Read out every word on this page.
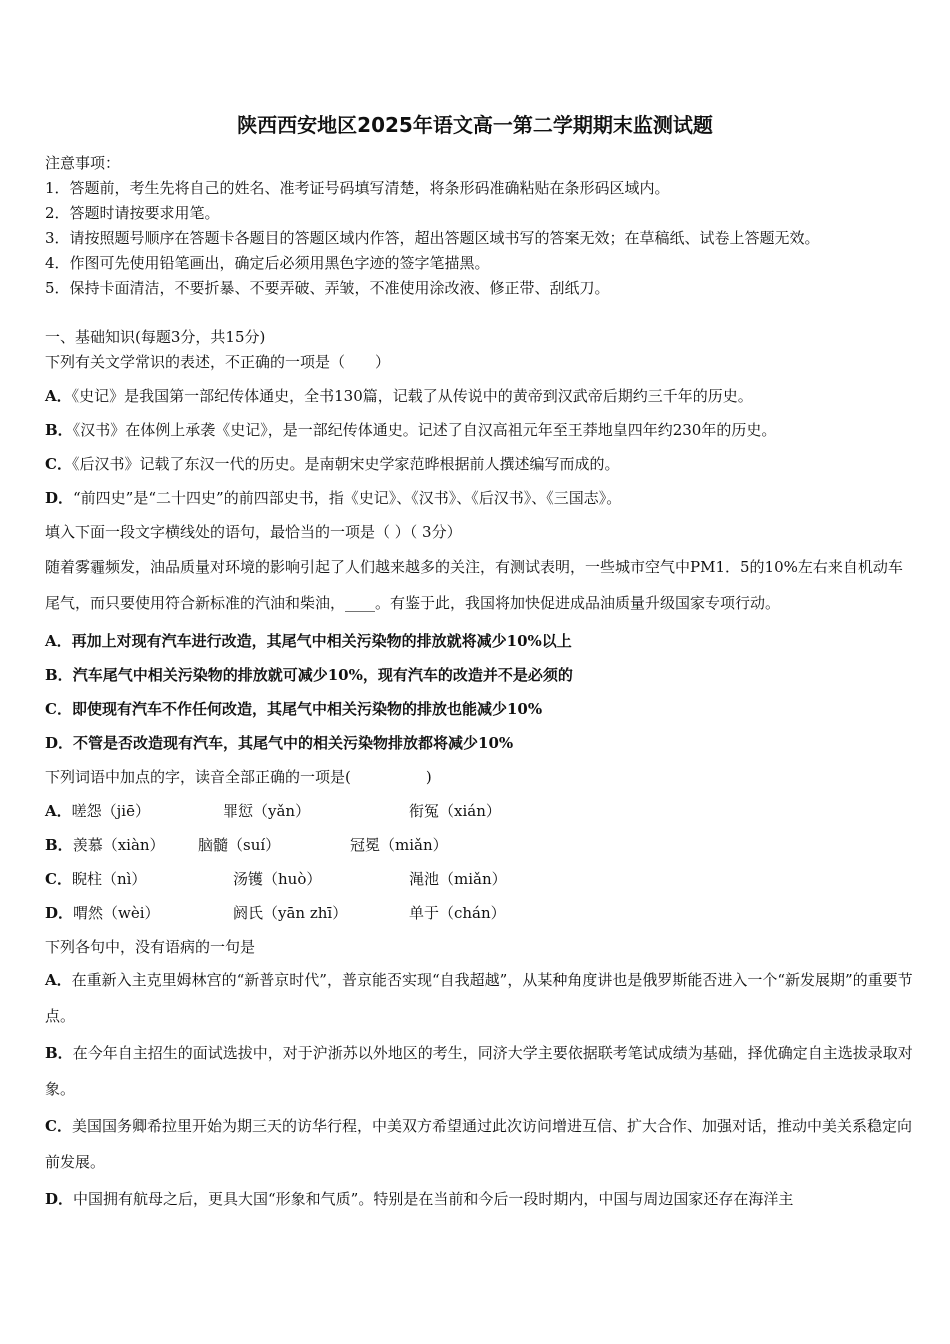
陕西西安地区2025年语文高一第二学期期末监测试题
注意事项：
1．答题前，考生先将自己的姓名、准考证号码填写清楚，将条形码准确粘贴在条形码区域内。
2．答题时请按要求用笔。
3．请按照题号顺序在答题卡各题目的答题区域内作答，超出答题区域书写的答案无效；在草稿纸、试卷上答题无效。
4．作图可先使用铅笔画出，确定后必须用黑色字迹的签字笔描黑。
5．保持卡面清洁，不要折暴、不要弄破、弄皱，不准使用涂改液、修正带、刮纸刀。
一、基础知识(每题3分，共15分)
下列有关文学常识的表述，不正确的一项是（　　）
A．《史记》是我国第一部纪传体通史，全书130篇，记载了从传说中的黄帝到汉武帝后期约三千年的历史。
B．《汉书》在体例上承袭《史记》，是一部纪传体通史。记述了自汉高祖元年至王莽地皇四年约230年的历史。
C．《后汉书》记载了东汉一代的历史。是南朝宋史学家范晔根据前人撰述编写而成的。
D．“前四史”是“二十四史”的前四部史书，指《史记》、《汉书》、《后汉书》、《三国志》。
填入下面一段文字横线处的语句，最恰当的一项是（ ）（ 3分）
随着雾霾频发，油品质量对环境的影响引起了人们越来越多的关注，有测试表明，一些城市空气中PM1．5的10%左右来自机动车尾气，而只要使用符合新标准的汽油和柴油，____。有鉴于此，我国将加快促进成品油质量升级国家专项行动。
A．再加上对现有汽车进行改造，其尾气中相关污染物的排放就将减少10%以上
B．汽车尾气中相关污染物的排放就可减少10%，现有汽车的改造并不是必须的
C．即使现有汽车不作任何改造，其尾气中相关污染物的排放也能减少10%
D．不管是否改造现有汽车，其尾气中的相关污染物排放都将减少10%
下列词语中加点的字，读音全部正确的一项是(　　　　　)
A．嗟怨（jiē）	罪愆（yǎn）	衔冤（xián）
B．羡慕（xiàn）	脑髓（suí）	冠冕（miǎn）
C．睨柱（nì）	汤镬（huò）	渑池（miǎn）
D．喟然（wèi）	阏氏（yān zhī）	单于（chán）
下列各句中，没有语病的一句是
A．在重新入主克里姆林宫的“新普京时代”，普京能否实现“自我超越”，从某种角度讲也是俄罗斯能否进入一个“新发展期”的重要节点。
B．在今年自主招生的面试选拔中，对于沪浙苏以外地区的考生，同济大学主要依据联考笔试成绩为基础，择优确定自主选拔录取对象。
C．美国国务卿希拉里开始为期三天的访华行程，中美双方希望通过此次访问增进互信、扩大合作、加强对话，推动中美关系稳定向前发展。
D．中国拥有航母之后，更具大国“形象和气质”。特别是在当前和今后一段时期内，中国与周边国家还存在海洋主
